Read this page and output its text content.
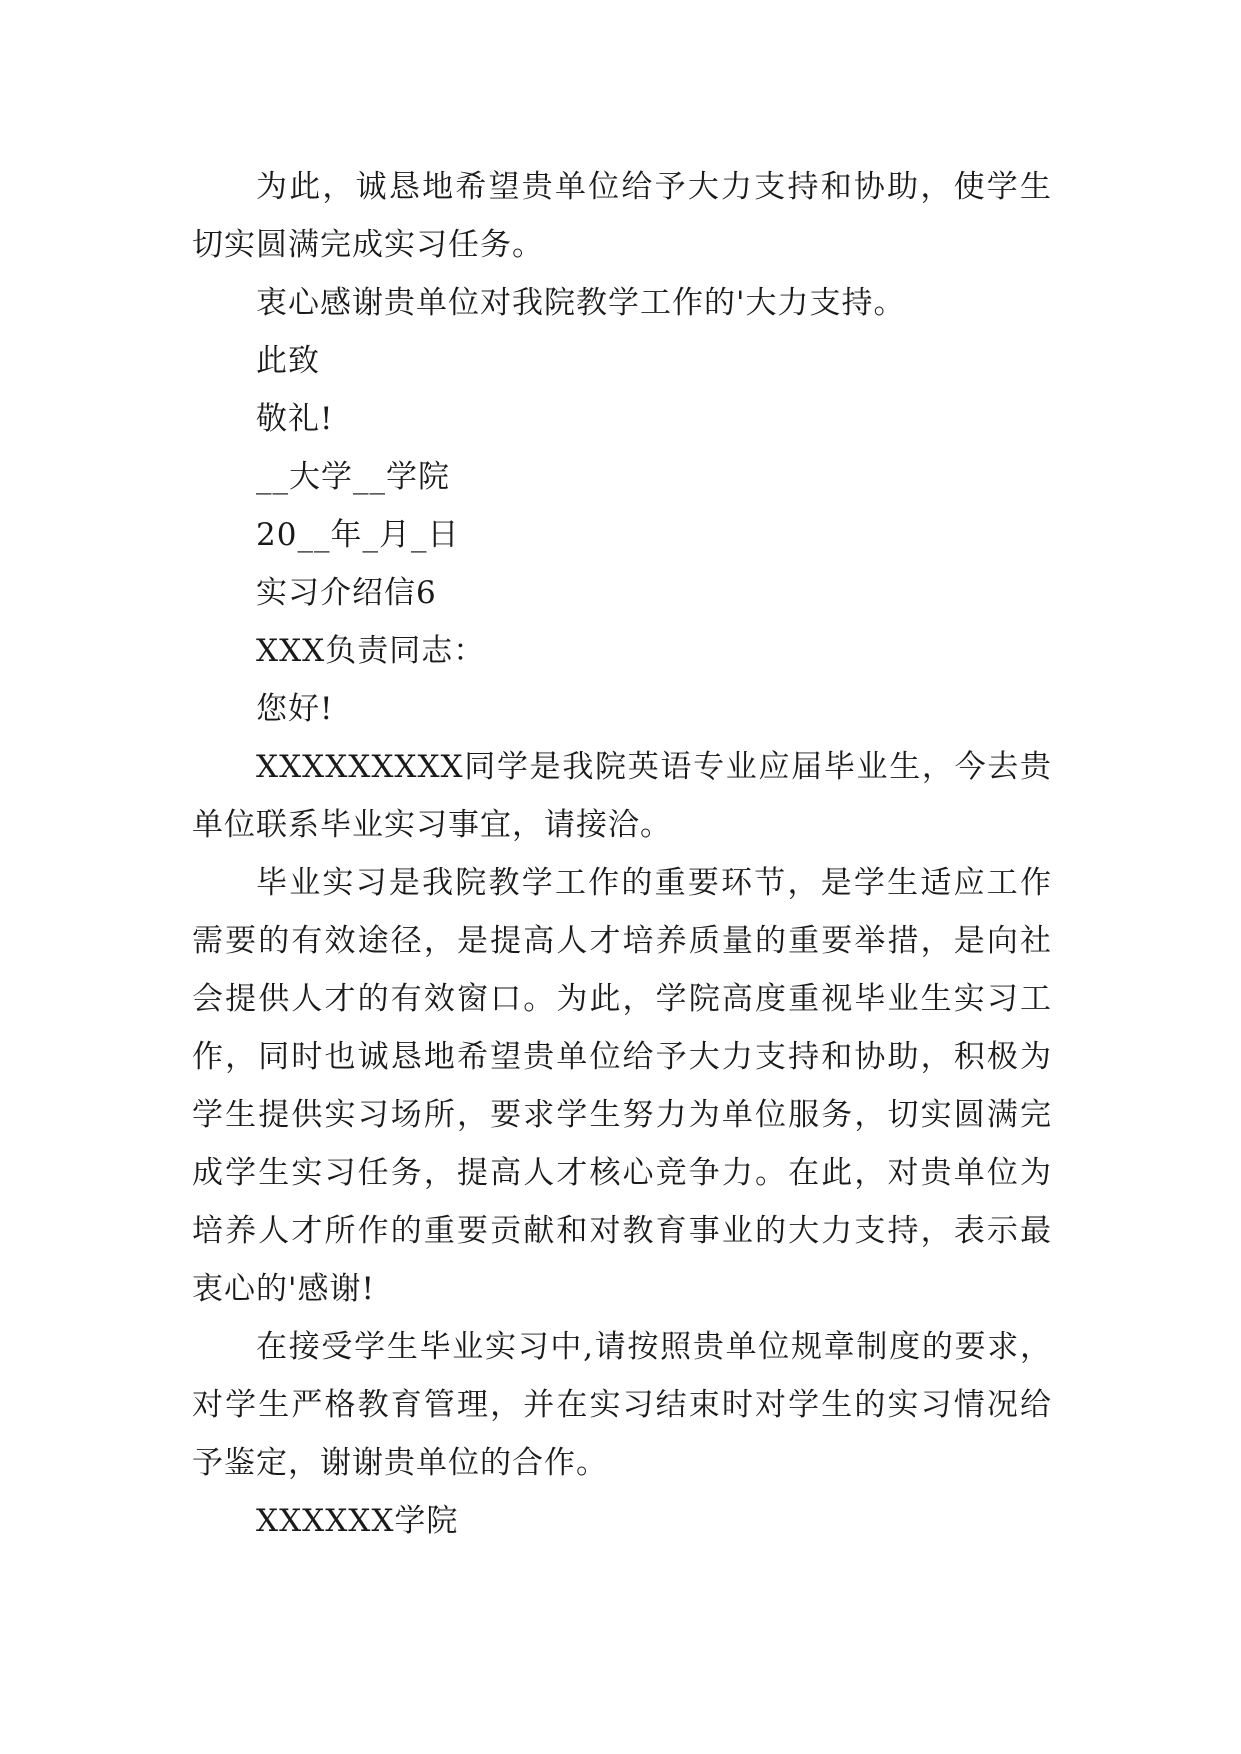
为此，诚恳地希望贵单位给予大力支持和协助，使学生切实圆满完成实习任务。

衷心感谢贵单位对我院教学工作的'大力支持。

此致

敬礼!

__大学__学院

20__年_月_日

实习介绍信6

XXX负责同志：

您好!

XXXXXXXXX同学是我院英语专业应届毕业生，今去贵单位联系毕业实习事宜，请接洽。

毕业实习是我院教学工作的重要环节，是学生适应工作需要的有效途径，是提高人才培养质量的重要举措，是向社会提供人才的有效窗口。为此，学院高度重视毕业生实习工作，同时也诚恳地希望贵单位给予大力支持和协助，积极为学生提供实习场所，要求学生努力为单位服务，切实圆满完成学生实习任务，提高人才核心竞争力。在此，对贵单位为培养人才所作的重要贡献和对教育事业的大力支持，表示最衷心的'感谢!

在接受学生毕业实习中,请按照贵单位规章制度的要求，对学生严格教育管理，并在实习结束时对学生的实习情况给予鉴定，谢谢贵单位的合作。

XXXXXX学院
